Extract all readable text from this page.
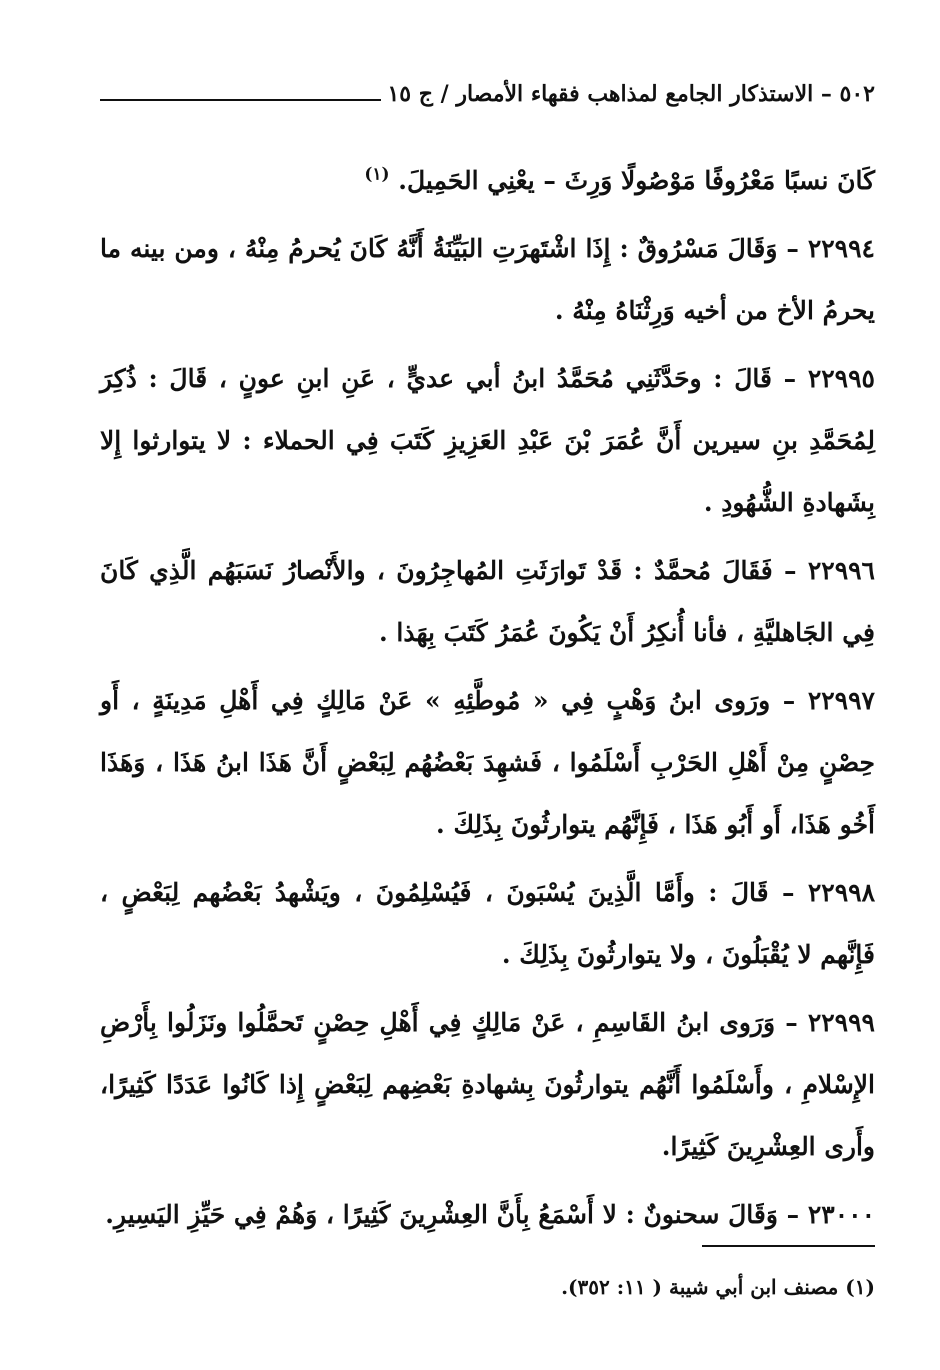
٥٠٢ – الاستذكار الجامع لمذاهب فقهاء الأمصار / ج ١٥

كَانَ نسبًا مَعْرُوفًا مَوْصُولًا وَرِثَ – يعْنِي الحَمِيلَ. $^{(١)}$

٢٢٩٩٤ – وَقَالَ مَسْرُوقٌ : إِذَا اشْتَهرَتِ البَيِّنَةُ أَنَّهُ كَانَ يُحرمُ مِنْهُ ، ومن بينه ما يحرمُ الأخ من أخيه وَرِثْنَاهُ مِنْهُ .

٢٢٩٩٥ – قَالَ : وحَدَّثَنِي مُحَمَّدُ ابنُ أبي عديٍّ ، عَنِ ابنِ عونٍ ، قَالَ : ذُكِرَ لِمُحَمَّدِ بنِ سيرين أَنَّ عُمَرَ بْنَ عَبْدِ العَزِيزِ كَتَبَ فِي الحملاء : لا يتوارثوا إِلا بِشَهادةِ الشُّهُودِ .

٢٢٩٩٦ – فَقَالَ مُحمَّدٌ : قَدْ تَوارَثَتِ المُهاجِرُونَ ، والأَنْصارُ نَسَبَهُم الَّذِي كَانَ فِي الجَاهليَّةِ ، فأنا أُنكِرُ أَنْ يَكُونَ عُمَرُ كَتَبَ بِهَذا .

٢٢٩٩٧ – ورَوى ابنُ وَهْبٍ فِي « مُوطَّئِهِ » عَنْ مَالِكٍ فِي أَهْلِ مَدِينَةٍ ، أَو حِصْنٍ مِنْ أَهْلِ الحَرْبِ أَسْلَمُوا ، فَشهِدَ بَعْضُهُم لِبَعْضٍ أَنَّ هَذَا ابنُ هَذَا ، وَهَذَا أَخُو هَذَا، أَو أَبُو هَذَا ، فَإِنَّهُم يتوارثُونَ بِذَلِكَ .

٢٢٩٩٨ – قَالَ : وأَمَّا الَّذِينَ يُسْبَونَ ، فَيُسْلِمُونَ ، ويَشْهدُ بَعْضُهم لِبَعْضٍ ، فَإِنَّهم لا يُقْبَلُونَ ، ولا يتوارثُونَ بِذَلِكَ .

٢٢٩٩٩ – وَرَوى ابنُ القَاسِمِ ، عَنْ مَالِكٍ فِي أَهْلِ حِصْنٍ تَحمَّلُوا ونَزَلُوا بِأَرْضِ الإِسْلامِ ، وأَسْلَمُوا أَنَّهُم يتوارثُونَ بِشهادةِ بَعْضِهم لِبَعْضٍ إِذا كَانُوا عَدَدًا كَثِيرًا، وأَرى العِشْرِينَ كَثِيرًا.

٢٣٠٠٠ – وَقَالَ سحنونٌ : لا أَسْمَعُ بِأَنَّ العِشْرِينَ كَثِيرًا ، وَهُمْ فِي حَيِّزِ اليَسِيرِ.

(١) مصنف ابن أبي شيبة ( ١١: ٣٥٢).
